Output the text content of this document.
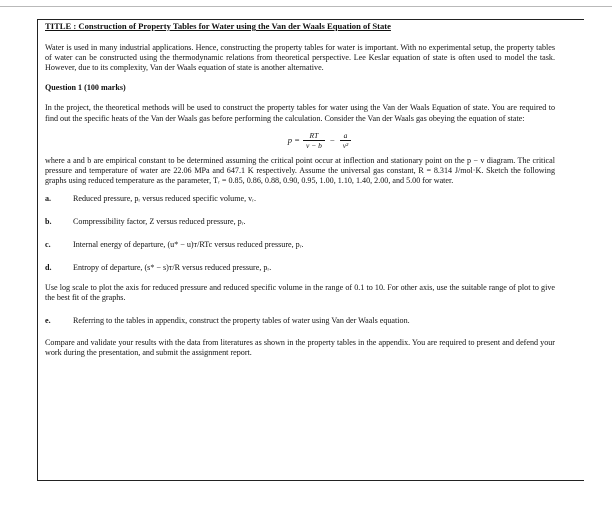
TITLE : Construction of Property Tables for Water using the Van der Waals Equation of State

Water is used in many industrial applications. Hence, constructing the property tables for water is important. With no experimental setup, the property tables of water can be constructed using the thermodynamic relations from theoretical perspective. Lee Keslar equation of state is often used to model the task. However, due to its complexity, Van der Waals equation of state is another alternative.

Question 1 (100 marks)

In the project, the theoretical methods will be used to construct the property tables for water using the Van der Waals Equation of state. You are required to find out the specific heats of the Van der Waals gas before performing the calculation. Consider the Van der Waals gas obeying the equation of state:

$p = \frac{RT}{v - b} - \frac{a}{\text{v²}}$

where a and b are empirical constant to be determined assuming the critical point occur at inflection and stationary point on the p − v diagram. The critical pressure and temperature of water are 22.06 MPa and 647.1 K respectively. Assume the universal gas constant, R = 8.314 J/mol·K. Sketch the following graphs using reduced temperature as the parameter, Tᵣ = 0.85, 0.86, 0.88, 0.90, 0.95, 1.00, 1.10, 1.40, 2.00, and 5.00 for water.

a.	Reduced pressure, pᵣ versus reduced specific volume, vᵣ.
b.	Compressibility factor, Z versus reduced pressure, pᵣ.
c.	Internal energy of departure, (u* − u)ᴛ/RTc versus reduced pressure, pᵣ.
d.	Entropy of departure, (s* − s)ᴛ/R versus reduced pressure, pᵣ.

Use log scale to plot the axis for reduced pressure and reduced specific volume in the range of 0.1 to 10. For other axis, use the suitable range of plot to give the best fit of the graphs.

e.	Referring to the tables in appendix, construct the property tables of water using Van der Waals equation.

Compare and validate your results with the data from literatures as shown in the property tables in the appendix. You are required to present and defend your work during the presentation, and submit the assignment report.
